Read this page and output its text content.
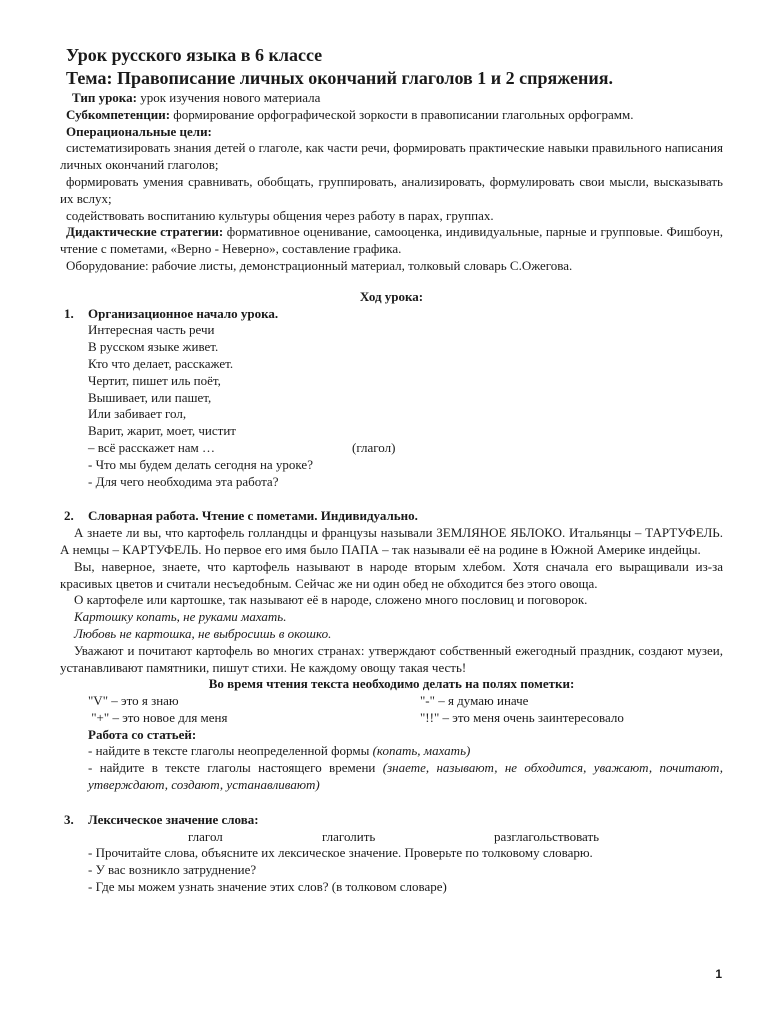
Урок русского языка в 6 классе
Тема: Правописание личных окончаний глаголов 1 и 2 спряжения.
Тип урока: урок изучения нового материала
Субкомпетенции: формирование орфографической зоркости в правописании глагольных орфограмм.
Операциональные цели:
систематизировать знания детей о глаголе, как части речи, формировать практические навыки правильного написания личных окончаний глаголов;
формировать умения сравнивать, обобщать, группировать, анализировать, формулировать свои мысли, высказывать их вслух;
содействовать воспитанию культуры общения через работу в парах, группах.
Дидактические стратегии: формативное оценивание, самооценка, индивидуальные, парные и групповые. Фишбоун, чтение с пометами, «Верно - Неверно», составление графика.
Оборудование: рабочие листы, демонстрационный материал, толковый словарь С.Ожегова.
Ход урока:
1. Организационное начало урока.
Интересная часть речи
В русском языке живет.
Кто что делает, расскажет.
Чертит, пишет иль поёт,
Вышивает, или пашет,
Или забивает гол,
Варит, жарит, моет, чистит
– всё расскажет нам …	(глагол)
- Что мы будем делать сегодня на уроке?
- Для чего необходима эта работа?
2. Словарная работа. Чтение с пометами. Индивидуально.
А знаете ли вы, что картофель голландцы и французы называли ЗЕМЛЯНОЕ ЯБЛОКО. Итальянцы – ТАРТУФЕЛЬ. А немцы – КАРТУФЕЛЬ. Но первое его имя было ПАПА – так называли её на родине в Южной Америке индейцы.
Вы, наверное, знаете, что картофель называют в народе вторым хлебом. Хотя сначала его выращивали из-за красивых цветов и считали несъедобным. Сейчас же ни один обед не обходится без этого овоща.
О картофеле или картошке, так называют её в народе, сложено много пословиц и поговорок.
Картошку копать, не руками махать.
Любовь не картошка, не выбросишь в окошко.
Уважают и почитают картофель во многих странах: утверждают собственный ежегодный праздник, создают музеи, устанавливают памятники, пишут стихи. Не каждому овощу такая честь!
Во время чтения текста необходимо делать на полях пометки:
"V" – это я знаю	"-" – я думаю иначе
"+" – это новое для меня	"!!" – это меня очень заинтересовало
Работа со статьей:
- найдите в тексте глаголы неопределенной формы (копать, махать)
- найдите в тексте глаголы настоящего времени (знаете, называют, не обходится, уважают, почитают, утверждают, создают, устанавливают)
3. Лексическое значение слова:
глагол	глаголить	разглагольствовать
- Прочитайте слова, объясните их лексическое значение. Проверьте по толковому словарю.
- У вас возникло затруднение?
- Где мы можем узнать значение этих слов? (в толковом словаре)
1
